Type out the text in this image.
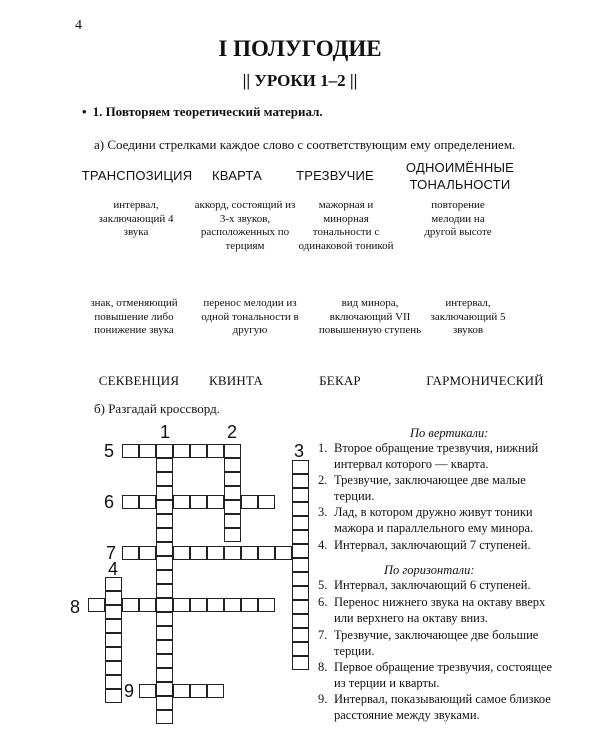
4
I ПОЛУГОДИЕ
|| УРОКИ 1–2 ||
• 1. Повторяем теоретический материал.
а) Соедини стрелками каждое слово с соответствующим ему определением.
ТРАНСПОЗИЦИЯ	КВАРТА	ТРЕЗВУЧИЕ
ОДНОИМЁННЫЕ ТОНАЛЬНОСТИ
интервал, заключающий 4 звука
аккорд, состоящий из 3-х звуков, расположенных по терциям
мажорная и минорная тональности с одинаковой тоникой
повторение мелодии на другой высоте
знак, отменяющий повышение либо понижение звука
перенос мелодии из одной тональности в другую
вид минора, включающий VII повышенную ступень
интервал, заключающий 5 звуков
СЕКВЕНЦИЯ	КВИНТА	БЕКАР	ГАРМОНИЧЕСКИЙ
б) Разгадай кроссворд.
1	2
3
4
5
6
7
8
9
По вертикали:
1. Второе обращение трезвучия, нижний интервал которого — кварта.
2. Трезвучие, заключающее две малые терции.
3. Лад, в котором дружно живут тоники мажора и параллельного ему минора.
4. Интервал, заключающий 7 ступеней.
По горизонтали:
5. Интервал, заключающий 6 ступеней.
6. Перенос нижнего звука на октаву вверх или верхнего на октаву вниз.
7. Трезвучие, заключающее две большие терции.
8. Первое обращение трезвучия, состоящее из терции и кварты.
9. Интервал, показывающий самое близкое расстояние между звуками.
